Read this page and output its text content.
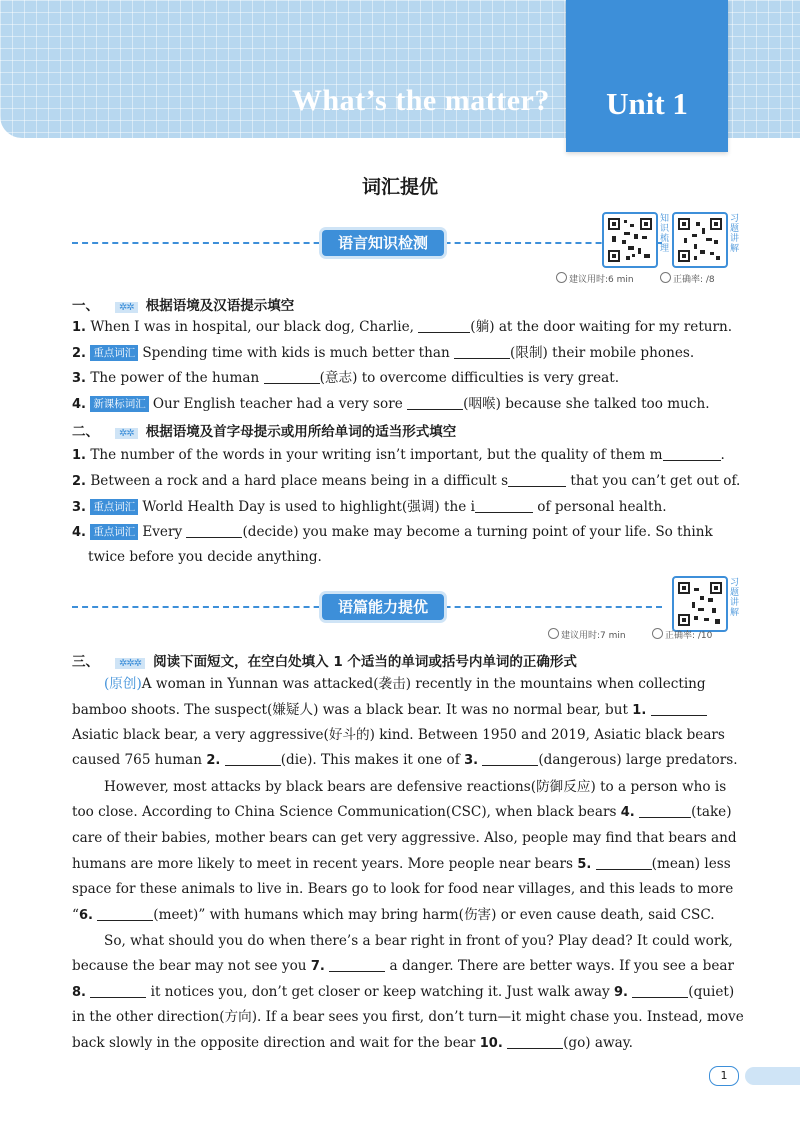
What’s the matter?	Unit 1
词汇提优
语言知识检测
知识梳理
习题讲解
建议用时:6 min	正确率: /8
一、 ✲✲ 根据语境及汉语提示填空
1. When I was in hospital, our black dog, Charlie,	(躺) at the door waiting for my return.
2. 重点词汇 Spending time with kids is much better than	(限制) their mobile phones.
3. The power of the human	(意志) to overcome difficulties is very great.
4. 新课标词汇 Our English teacher had a very sore	(咽喉) because she talked too much.
二、 ✲✲ 根据语境及首字母提示或用所给单词的适当形式填空
1. The number of the words in your writing isn’t important, but the quality of them m	.
2. Between a rock and a hard place means being in a difficult s	that you can’t get out of.
3. 重点词汇 World Health Day is used to highlight(强调) the i	of personal health.
4. 重点词汇 Every	(decide) you make may become a turning point of your life. So think
twice before you decide anything.
语篇能力提优
习题讲解
建议用时:7 min	正确率: /10
三、 ✲✲✲ 阅读下面短文，在空白处填入 1 个适当的单词或括号内单词的正确形式
(原创)A woman in Yunnan was attacked(袭击) recently in the mountains when collecting
bamboo shoots. The suspect(嫌疑人) was a black bear. It was no normal bear, but 1.
Asiatic black bear, a very aggressive(好斗的) kind. Between 1950 and 2019, Asiatic black bears
caused 765 human 2.	(die). This makes it one of 3.	(dangerous) large predators.
However, most attacks by black bears are defensive reactions(防御反应) to a person who is
too close. According to China Science Communication(CSC), when black bears 4.	(take)
care of their babies, mother bears can get very aggressive. Also, people may find that bears and
humans are more likely to meet in recent years. More people near bears 5.	(mean) less
space for these animals to live in. Bears go to look for food near villages, and this leads to more
“6.	(meet)” with humans which may bring harm(伤害) or even cause death, said CSC.
So, what should you do when there’s a bear right in front of you? Play dead? It could work,
because the bear may not see you 7.	a danger. There are better ways. If you see a bear
8.	it notices you, don’t get closer or keep watching it. Just walk away 9.	(quiet)
in the other direction(方向). If a bear sees you first, don’t turn—it might chase you. Instead, move
back slowly in the opposite direction and wait for the bear 10.	(go) away.
1
